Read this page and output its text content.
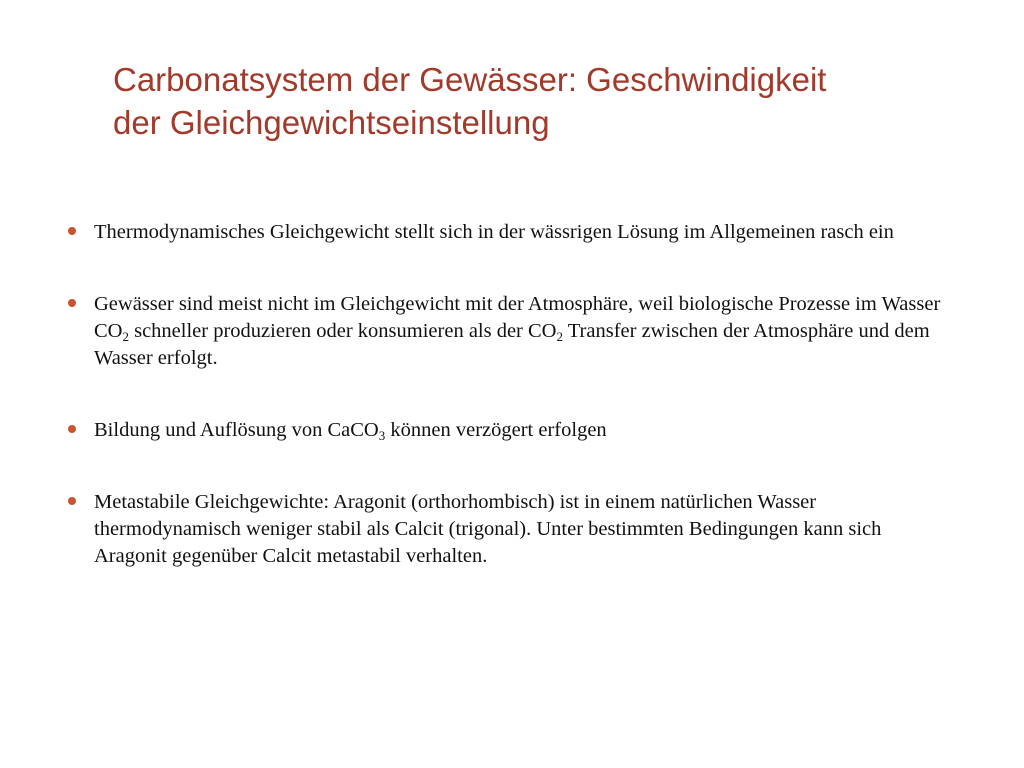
Carbonatsystem der Gewässer: Geschwindigkeit
der Gleichgewichtseinstellung
Thermodynamisches Gleichgewicht stellt sich in der wässrigen Lösung im Allgemeinen rasch ein
Gewässer sind meist nicht im Gleichgewicht mit der Atmosphäre, weil biologische Prozesse im Wasser $CO_2$ schneller produzieren oder konsumieren als der $CO_2$ Transfer zwischen der Atmosphäre und dem Wasser erfolgt.
Bildung und Auflösung von CaCO$_3$ können verzögert erfolgen
Metastabile Gleichgewichte: Aragonit (orthorhombisch) ist in einem natürlichen Wasser thermodynamisch weniger stabil als Calcit (trigonal). Unter bestimmten Bedingungen kann sich Aragonit gegenüber Calcit metastabil verhalten.
